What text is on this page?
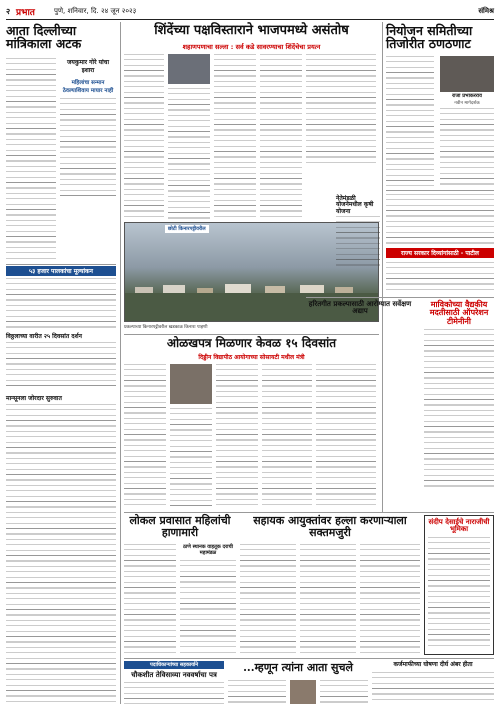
२ प्रभात	पुणे, शनिवार, दि. २४ जून २०२३	संमिश्र
आता दिल्लीच्या मांत्रिकाला अटक
जयकुमार गोरे यांचा इशारा
महिलांचा सन्मान ठेवल्याशिवाय माघार नाही
५३ हजार पालकांचा मूल्यांकन
विठ्ठलाच्या वारीत २५ दिवसांत दर्शन
मान्सूनला जोरदार सुरुवात
शिंदेंच्या पक्षविस्ताराने भाजपमध्ये असंतोष
शहाणपणाचा सल्ला : सर्व कडे सावरण्याचा शिंदेंचेचा प्रयत्न
छोटी किनारपट्टीवरील
प्रकल्पाच्या किनारपट्टीवरील खडकाळ किनारा पाहणी
ओळखपत्र मिळणार केवळ १५ दिवसांत
दिड्डीन विद्यापीठ आयोगाच्या सोसायटी मधील मंत्री
लोकल प्रवासात महिलांची हाणामारी
ठाणे स्थानक वाहतूक दराची महामंडळ
सहायक आयुक्तांवर हल्ला करणाऱ्याला सक्तमजुरी
संदीप देसाईचे नाराजीची भूमिका
पदाधिकाऱ्यांच्या सहकार्याने
चौकशीत तेविसाव्या नववर्षाचा पत्र
...म्हणून त्यांना आता सुचले	कर्जमाफीच्या घोषणा दीर्घ अंबर हीता
नियोजन समितीच्या तिजोरीत ठणठणाट
राजा प्रभाकरराव
नवीन मार्गदर्शक
नेतेमंडळी योजनेमधील कृषी योजना
राज्य सरकार दिव्यांगांसाठी - पाटील
हरितगीत प्रकल्पासाठी आरोग्यात सर्वेक्षण अद्याप
माविकोच्या वैद्यकीय मदतीसाठी ऑपरेशन टीमेनीनी
